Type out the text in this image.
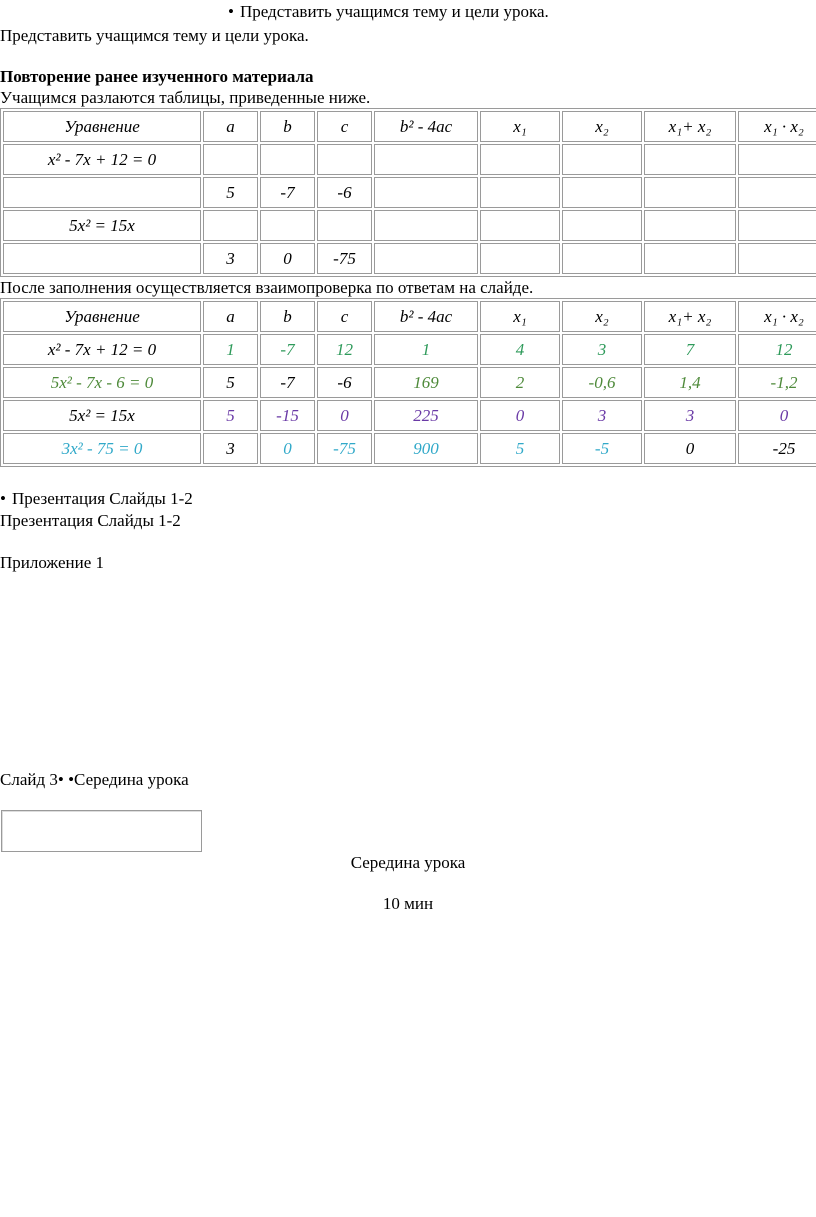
• Представить учащимся тему и цели урока.
Представить учащимся тему и цели урока.
Повторение ранее изученного материала
Учащимся разлаются таблицы, приведенные ниже.
Уравнение	a	b	c	b² - 4ac	x₁	x₂	x₁+ x₂	x₁ · x₂
x² - 7x + 12 = 0								
	5	-7	-6					
5x² = 15x								
	3	0	-75					
После заполнения осуществляется взаимопроверка по ответам на слайде.
Уравнение	a	b	c	b² - 4ac	x₁	x₂	x₁+ x₂	x₁ · x₂
x² - 7x + 12 = 0	1	-7	12	1	4	3	7	12
5x² - 7x - 6 = 0	5	-7	-6	169	2	-0,6	1,4	-1,2
5x² = 15x	5	-15	0	225	0	3	3	0
3x² - 75 = 0	3	0	-75	900	5	-5	0	-25
• Презентация Слайды 1-2
Презентация Слайды 1-2
Приложение 1
Слайд 3• •Середина урока
Середина урока
10 мин
